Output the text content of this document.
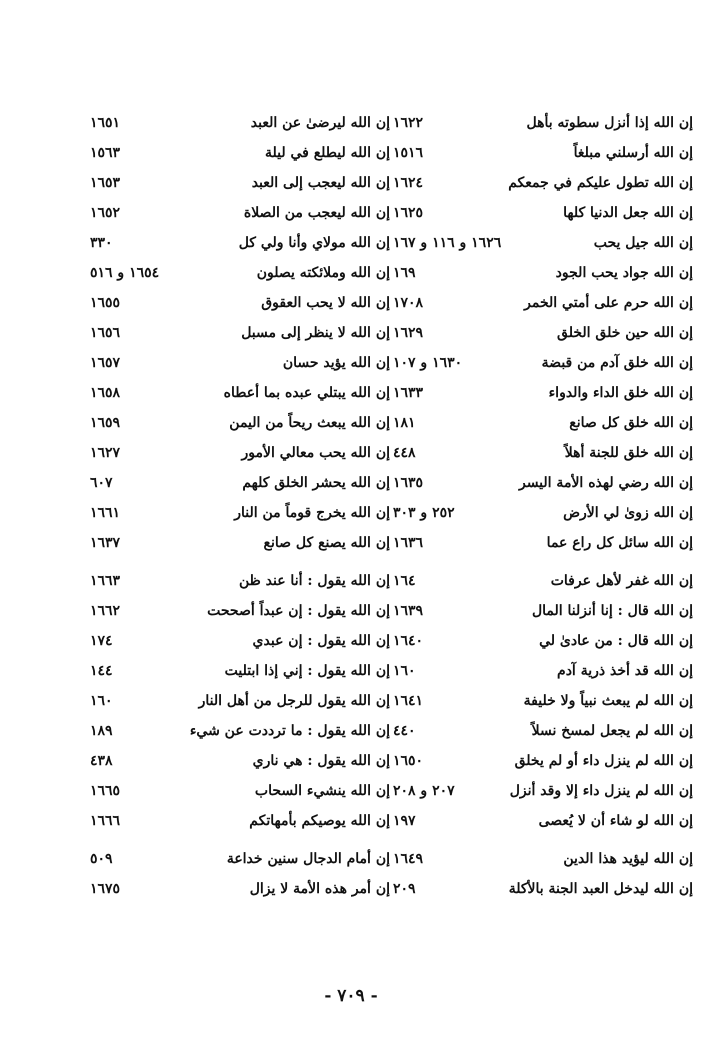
إن الله إذا أنزل سطوته بأهل
١٦٢٢
إن الله أرسلني مبلغاً
١٥١٦
إن الله تطول عليكم في جمعكم
١٦٢٤
إن الله جعل الدنيا كلها
١٦٢٥
إن الله جيل يحب
١٦٢٦ و ١١٦ و ١٦٧
إن الله جواد يحب الجود
١٦٩
إن الله حرم على أمتي الخمر
١٧٠٨
إن الله حين خلق الخلق
١٦٢٩
إن الله خلق آدم من قبضة
١٦٣٠ و ١٠٧
إن الله خلق الداء والدواء
١٦٣٣
إن الله خلق كل صانع
١٨١
إن الله خلق للجنة أهلاً
٤٤٨
إن الله رضي لهذه الأمة اليسر
١٦٣٥
إن الله زوىٰ لي الأرض
٢٥٢ و ٣٠٣
إن الله سائل كل راع عما
١٦٣٦
إن الله غفر لأهل عرفات
١٦٤
إن الله قال : إنا أنزلنا المال
١٦٣٩
إن الله قال : من عادىٰ لي
١٦٤٠
إن الله قد أخذ ذرية آدم
١٦٠
إن الله لم يبعث نبياً ولا خليفة
١٦٤١
إن الله لم يجعل لمسخ نسلاً
٤٤٠
إن الله لم ينزل داء أو لم يخلق
١٦٥٠
إن الله لم ينزل داء إلا وقد أنزل
٢٠٧ و ٢٠٨
إن الله لو شاء أن لا يُعصى
١٩٧
إن الله ليؤيد هذا الدين
١٦٤٩
إن الله ليدخل العبد الجنة بالأكلة
٢٠٩
إن الله ليرضىٰ عن العبد
١٦٥١
إن الله ليطلع في ليلة
١٥٦٣
إن الله ليعجب إلى العبد
١٦٥٣
إن الله ليعجب من الصلاة
١٦٥٢
إن الله مولاي وأنا ولي كل
٣٣٠
إن الله وملائكته يصلون
١٦٥٤ و ٥١٦
إن الله لا يحب العقوق
١٦٥٥
إن الله لا ينظر إلى مسبل
١٦٥٦
إن الله يؤيد حسان
١٦٥٧
إن الله يبتلي عبده بما أعطاه
١٦٥٨
إن الله يبعث ريحاً من اليمن
١٦٥٩
إن الله يحب معالي الأمور
١٦٢٧
إن الله يحشر الخلق كلهم
٦٠٧
إن الله يخرج قوماً من النار
١٦٦١
إن الله يصنع كل صانع
١٦٣٧
إن الله يقول : أنا عند ظن
١٦٦٣
إن الله يقول : إن عبداً أصححت
١٦٦٢
إن الله يقول : إن عبدي
١٧٤
إن الله يقول : إني إذا ابتليت
١٤٤
إن الله يقول للرجل من أهل النار
١٦٠
إن الله يقول : ما ترددت عن شيء
١٨٩
إن الله يقول : هي ناري
٤٣٨
إن الله ينشيء السحاب
١٦٦٥
إن الله يوصيكم بأمهاتكم
١٦٦٦
إن أمام الدجال سنين خداعة
٥٠٩
إن أمر هذه الأمة لا يزال
١٦٧٥
- ٧٠٩ -
